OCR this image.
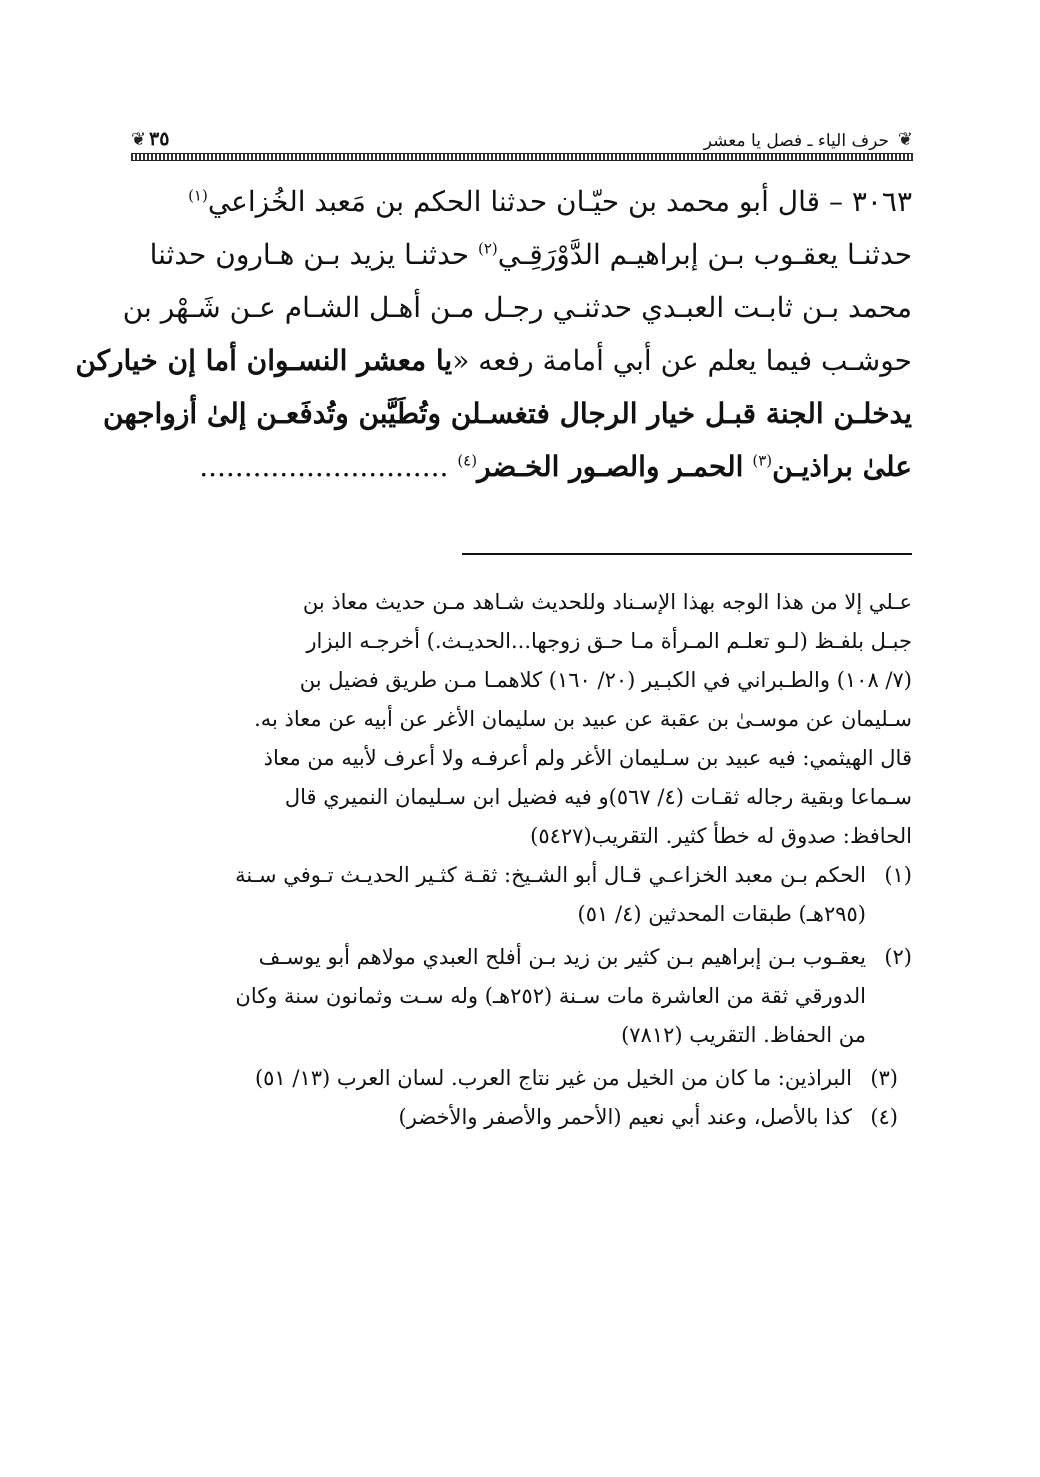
❦
حرف الياء ـ فصل يا معشر
٣٥
❦
٣٠٦٣ – قال أبو محمد بن حيّـان حدثنا الحكم بن مَعبد الخُزاعي$^{(١)}$
حدثنـا يعقـوب بـن إبراهيـم الدَّوْرَقِـي$^{(٢)}$ حدثنـا يزيد بـن هـارون حدثنا
محمد بـن ثابـت العبـدي حدثنـي رجـل مـن أهـل الشـام عـن شَـهْر بن
حوشـب فيما يعلم عن أبي أمامة رفعه «يا معشر النسـوان أما إن خياركن
يدخلـن الجنة قبـل خيار الرجال فتغسـلن وتُطَيَّبن وتُدفَعـن إلىٰ أزواجهن
علىٰ براذيـن$^{(٣)}$ الحمـر والصـور الخـضر$^{(٤)}$ ............................
عـلي إلا من هذا الوجه بهذا الإسـناد وللحديث شـاهد مـن حديث معاذ بن
جبـل بلفـظ (لـو تعلـم المـرأة مـا حـق زوجها...الحديـث.) أخرجـه البزار
(٧/ ١٠٨) والطـبراني في الكبـير (٢٠/ ١٦٠) كلاهمـا مـن طريق فضيل بن
سـليمان عن موسـىٰ بن عقبة عن عبيد بن سليمان الأغر عن أبيه عن معاذ به.
قال الهيثمي: فيه عبيد بن سـليمان الأغر ولم أعرفـه ولا أعرف لأبيه من معاذ
سـماعا وبقية رجاله ثقـات (٤/ ٥٦٧)و فيه فضيل ابن سـليمان النميري قال
الحافظ: صدوق له خطأ كثير. التقريب(٥٤٢٧)
(١)
الحكم بـن معبد الخزاعـي قـال أبو الشـيخ: ثقـة كثـير الحديـث تـوفي سـنة
(٢٩٥هـ) طبقات المحدثين (٤/ ٥١)
(٢)
يعقـوب بـن إبراهيم بـن كثير بن زيد بـن أفلح العبدي مولاهم أبو يوسـف
الدورقي ثقة من العاشرة مات سـنة (٢٥٢هـ) وله سـت وثمانون سنة وكان
من الحفاظ. التقريب (٧٨١٢)
(٣)
البراذين: ما كان من الخيل من غير نتاج العرب. لسان العرب (١٣/ ٥١)
(٤)
كذا بالأصل، وعند أبي نعيم (الأحمر والأصفر والأخضر)
